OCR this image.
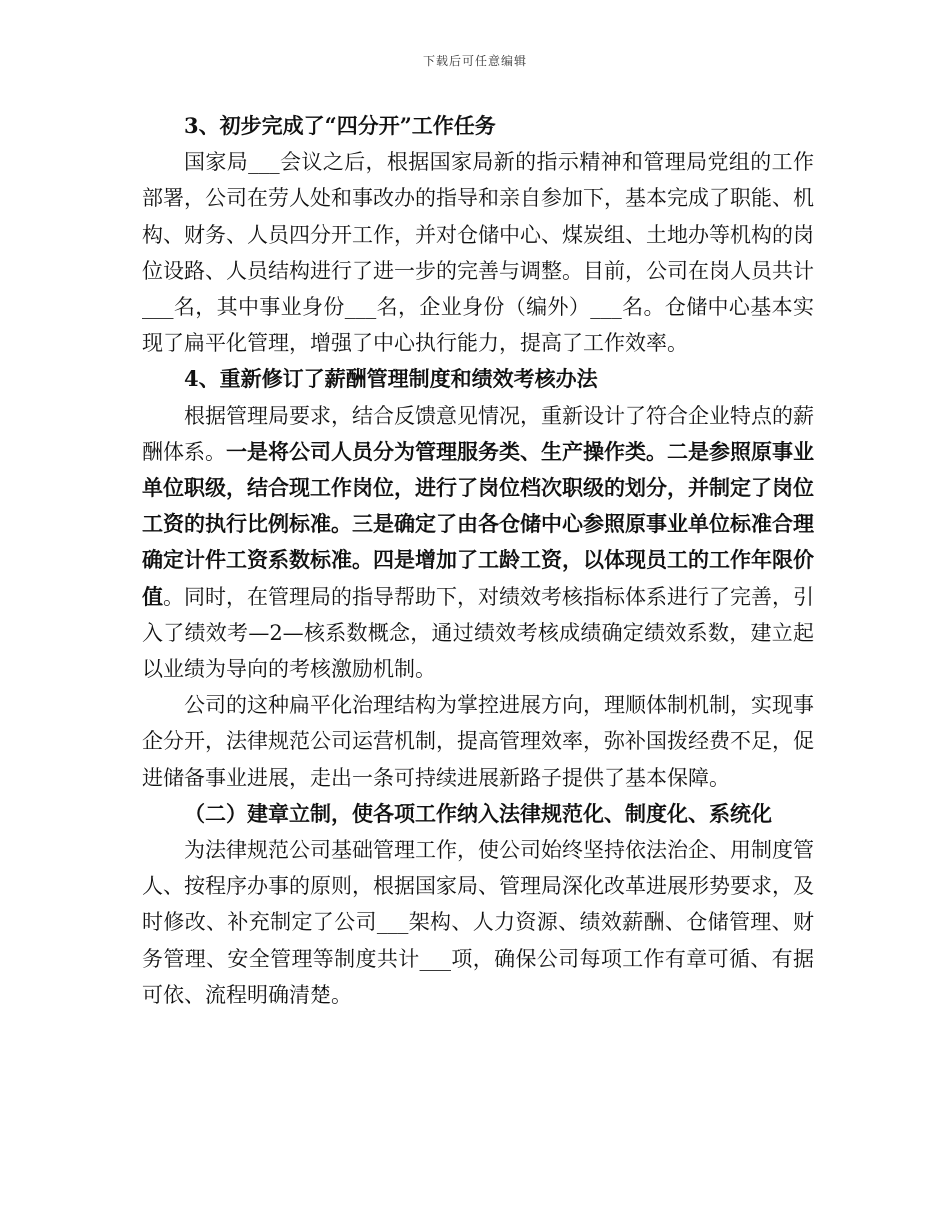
下载后可任意编辑

3、初步完成了“四分开”工作任务

国家局___会议之后，根据国家局新的指示精神和管理局党组的工作部署，公司在劳人处和事改办的指导和亲自参加下，基本完成了职能、机构、财务、人员四分开工作，并对仓储中心、煤炭组、土地办等机构的岗位设路、人员结构进行了进一步的完善与调整。目前，公司在岗人员共计___名，其中事业身份___名，企业身份（编外）___名。仓储中心基本实现了扁平化管理，增强了中心执行能力，提高了工作效率。

4、重新修订了薪酬管理制度和绩效考核办法

根据管理局要求，结合反馈意见情况，重新设计了符合企业特点的薪酬体系。一是将公司人员分为管理服务类、生产操作类。二是参照原事业单位职级，结合现工作岗位，进行了岗位档次职级的划分，并制定了岗位工资的执行比例标准。三是确定了由各仓储中心参照原事业单位标准合理确定计件工资系数标准。四是增加了工龄工资，以体现员工的工作年限价值。同时，在管理局的指导帮助下，对绩效考核指标体系进行了完善，引入了绩效考—2—核系数概念，通过绩效考核成绩确定绩效系数，建立起以业绩为导向的考核激励机制。

公司的这种扁平化治理结构为掌控进展方向，理顺体制机制，实现事企分开，法律规范公司运营机制，提高管理效率，弥补国拨经费不足，促进储备事业进展，走出一条可持续进展新路子提供了基本保障。

（二）建章立制，使各项工作纳入法律规范化、制度化、系统化

为法律规范公司基础管理工作，使公司始终坚持依法治企、用制度管人、按程序办事的原则，根据国家局、管理局深化改革进展形势要求，及时修改、补充制定了公司___架构、人力资源、绩效薪酬、仓储管理、财务管理、安全管理等制度共计___项，确保公司每项工作有章可循、有据可依、流程明确清楚。
